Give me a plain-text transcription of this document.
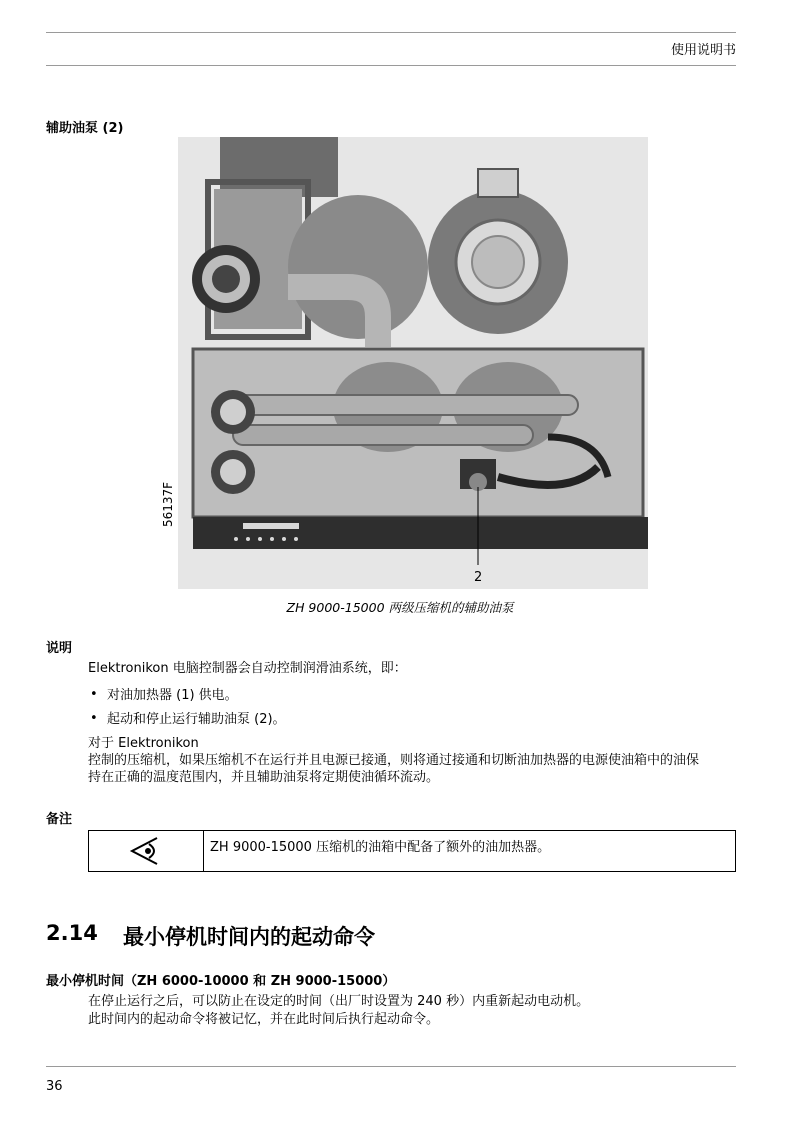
使用说明书
辅助油泵 (2)
56137F
2
ZH 9000-15000 两级压缩机的辅助油泵
说明
Elektronikon 电脑控制器会自动控制润滑油系统，即：
• 对油加热器 (1) 供电。
• 起动和停止运行辅助油泵 (2)。
对于 Elektronikon
控制的压缩机，如果压缩机不在运行并且电源已接通，则将通过接通和切断油加热器的电源使油箱中的油保
持在正确的温度范围内，并且辅助油泵将定期使油循环流动。
备注
ZH 9000-15000 压缩机的油箱中配备了额外的油加热器。
2.14 最小停机时间内的起动命令
最小停机时间（ZH 6000-10000 和 ZH 9000-15000）
在停止运行之后，可以防止在设定的时间（出厂时设置为 240 秒）内重新起动电动机。
此时间内的起动命令将被记忆，并在此时间后执行起动命令。
36
